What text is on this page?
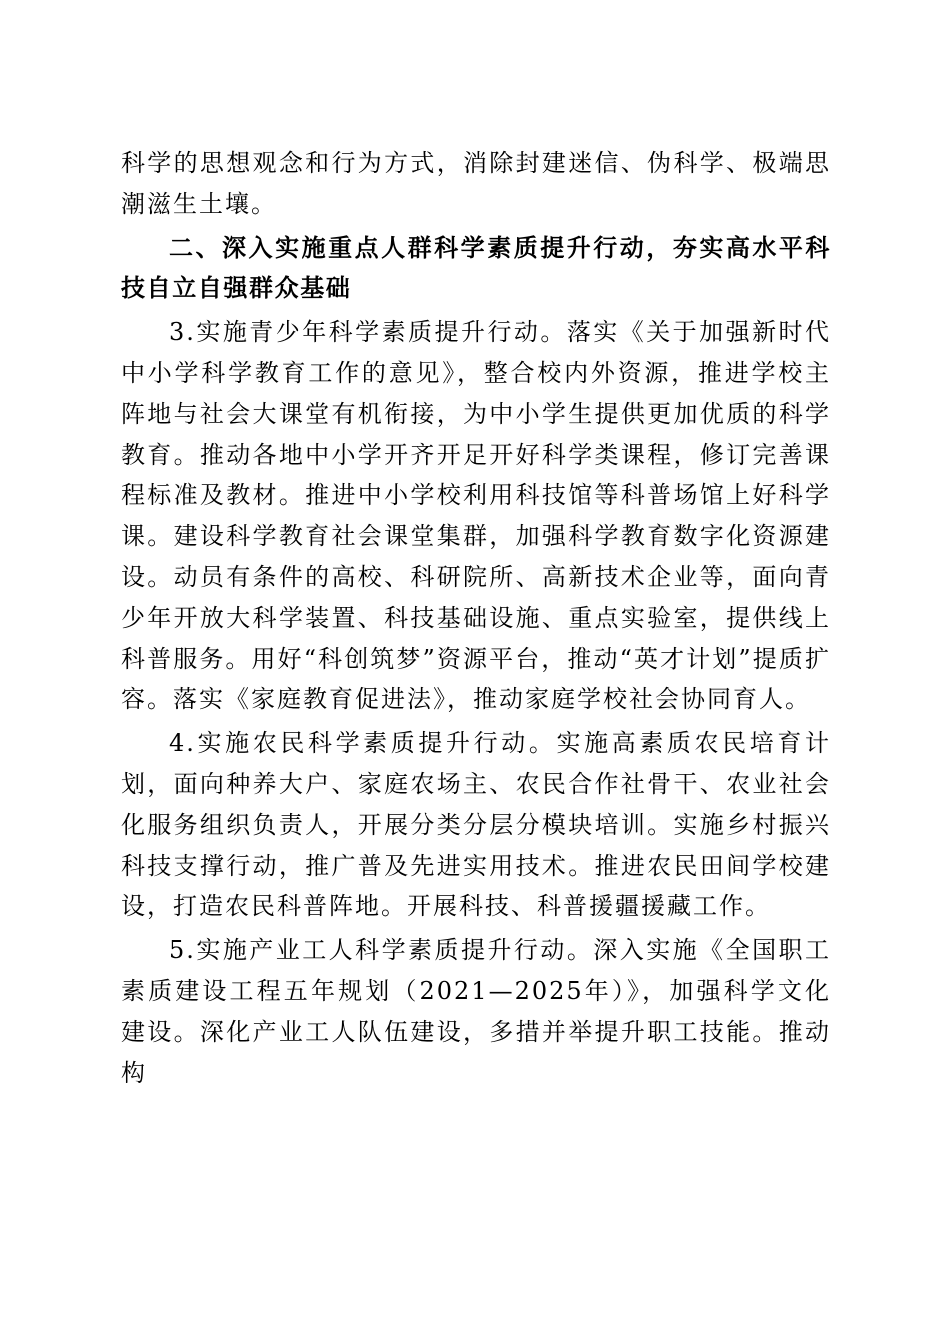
科学的思想观念和行为方式，消除封建迷信、伪科学、极端思潮滋生土壤。

二、深入实施重点人群科学素质提升行动，夯实高水平科技自立自强群众基础

3.实施青少年科学素质提升行动。落实《关于加强新时代中小学科学教育工作的意见》，整合校内外资源，推进学校主阵地与社会大课堂有机衔接，为中小学生提供更加优质的科学教育。推动各地中小学开齐开足开好科学类课程，修订完善课程标准及教材。推进中小学校利用科技馆等科普场馆上好科学课。建设科学教育社会课堂集群，加强科学教育数字化资源建设。动员有条件的高校、科研院所、高新技术企业等，面向青少年开放大科学装置、科技基础设施、重点实验室，提供线上科普服务。用好“科创筑梦”资源平台，推动“英才计划”提质扩容。落实《家庭教育促进法》，推动家庭学校社会协同育人。

4.实施农民科学素质提升行动。实施高素质农民培育计划，面向种养大户、家庭农场主、农民合作社骨干、农业社会化服务组织负责人，开展分类分层分模块培训。实施乡村振兴科技支撑行动，推广普及先进实用技术。推进农民田间学校建设，打造农民科普阵地。开展科技、科普援疆援藏工作。

5.实施产业工人科学素质提升行动。深入实施《全国职工素质建设工程五年规划（2021—2025年）》，加强科学文化建设。深化产业工人队伍建设，多措并举提升职工技能。推动构
